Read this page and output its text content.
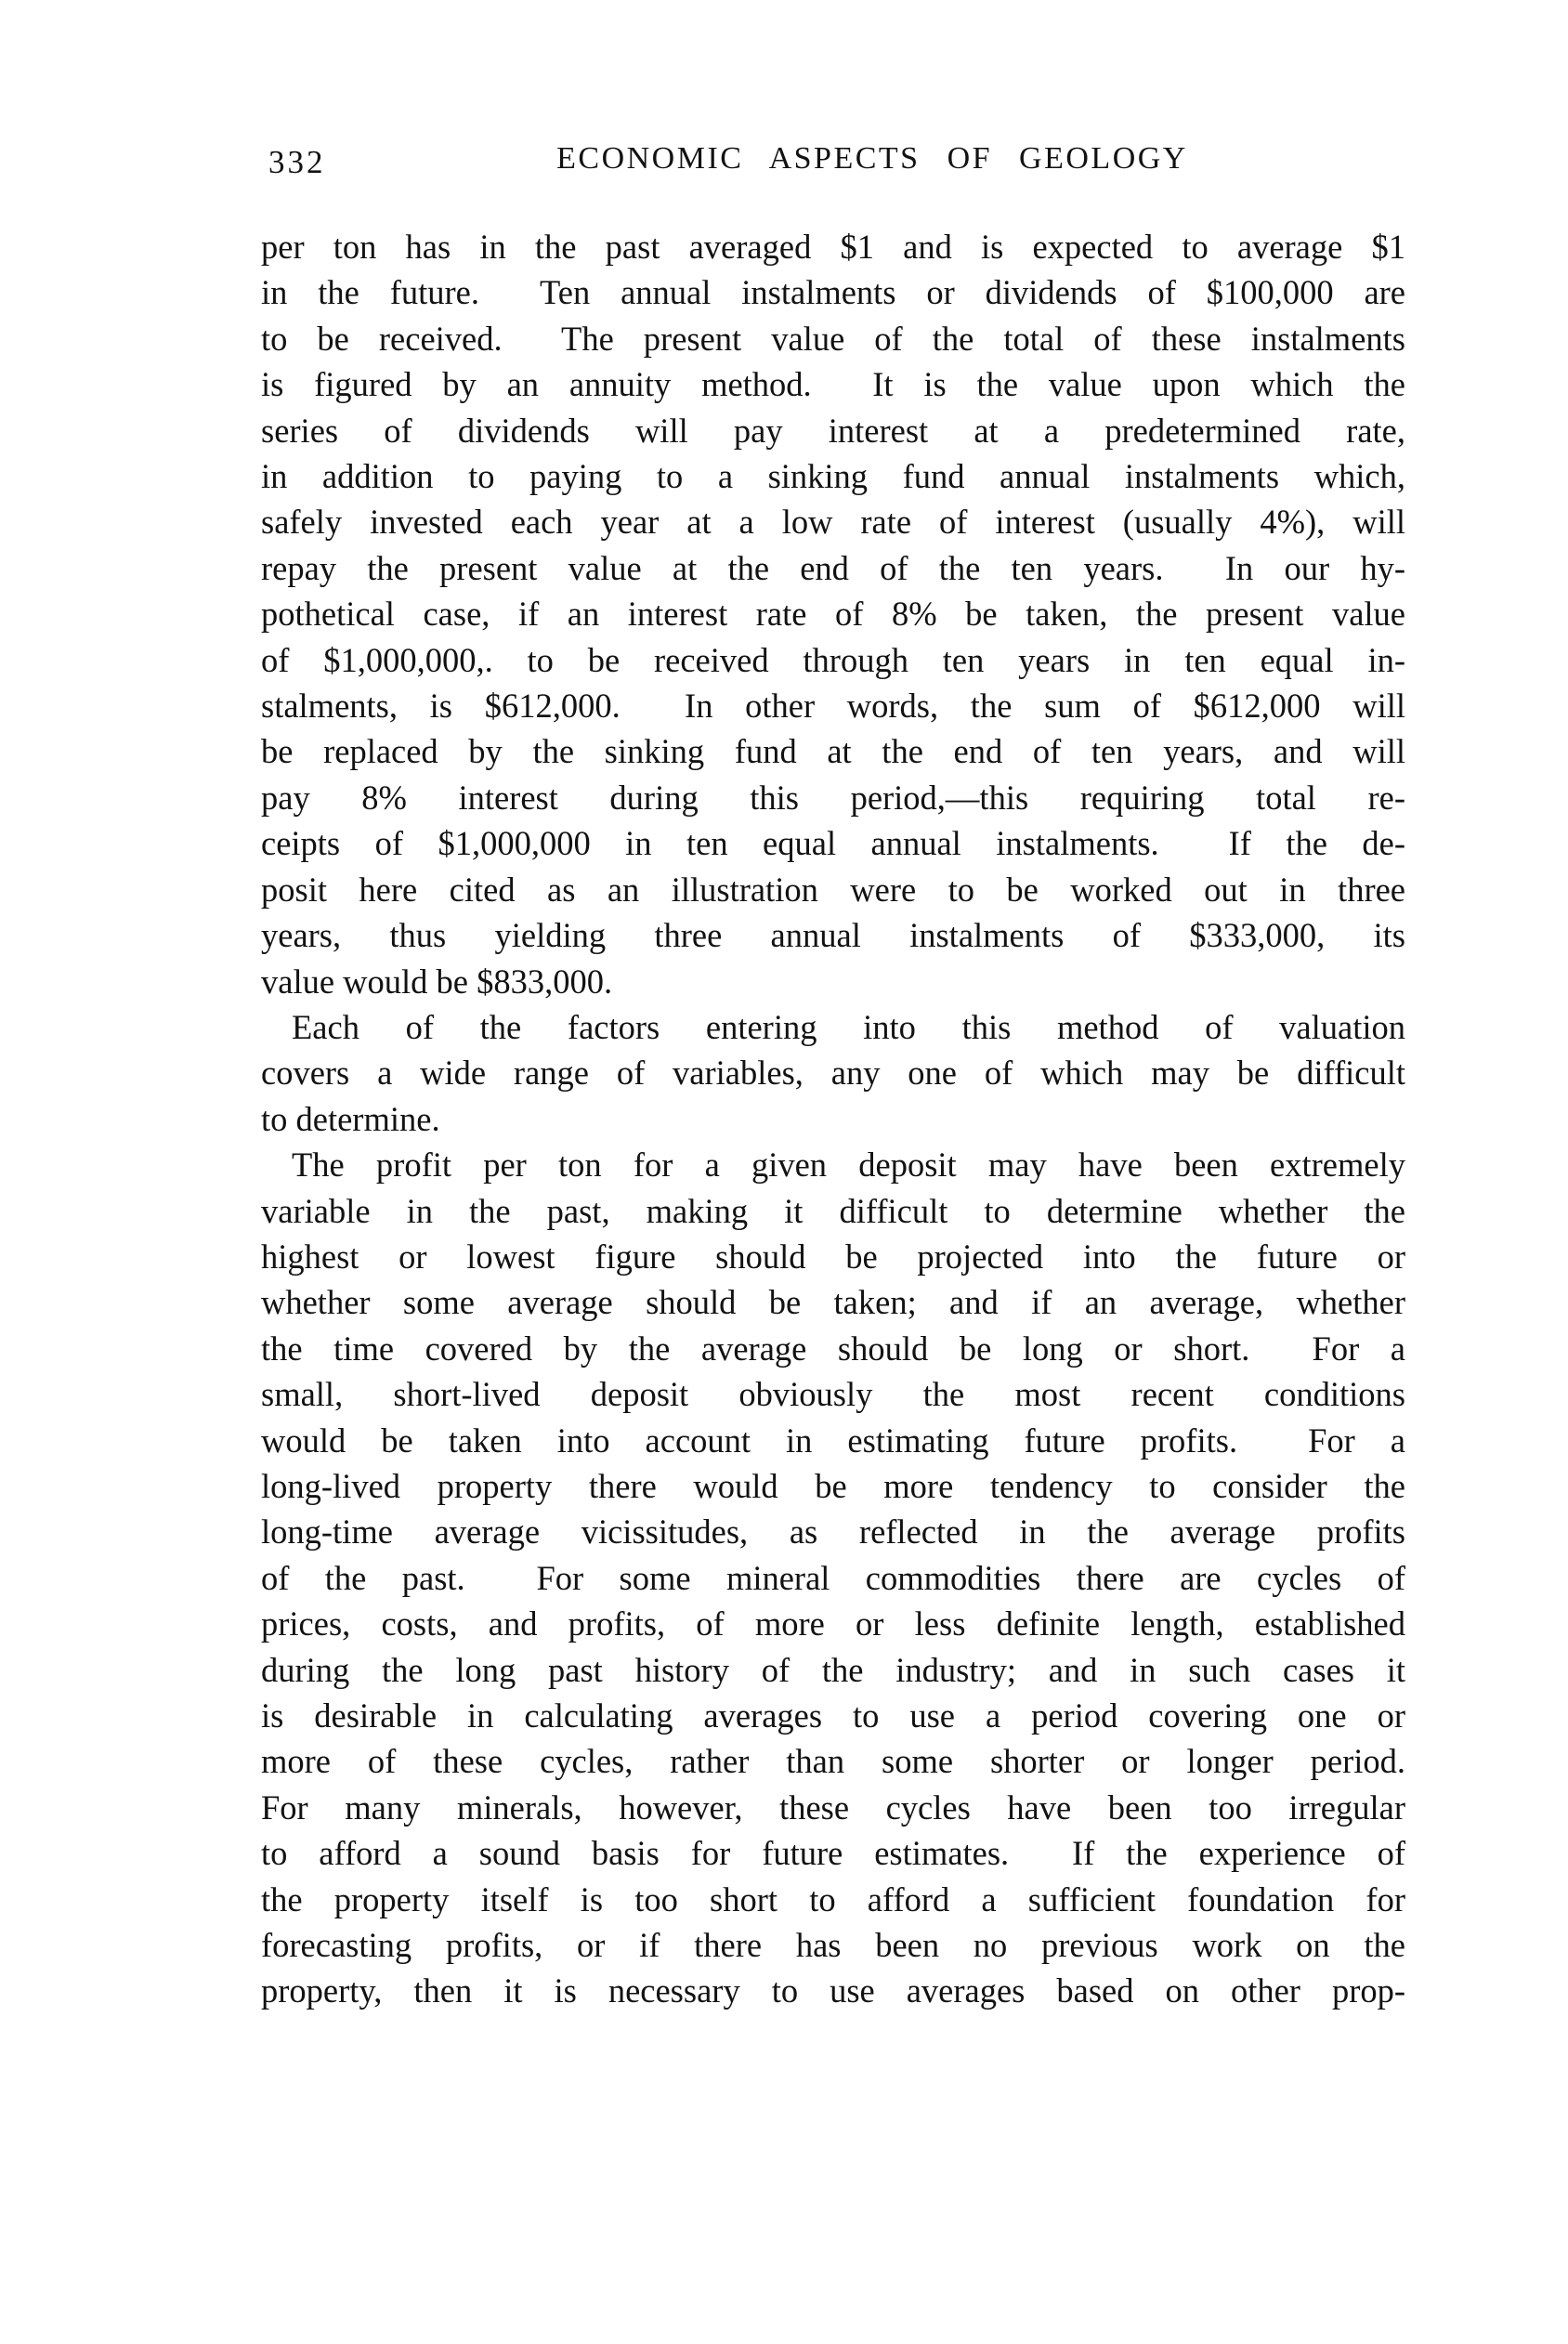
332	ECONOMIC ASPECTS OF GEOLOGY
per ton has in the past averaged $1 and is expected to average $1
in the future.  Ten annual instalments or dividends of $100,000 are
to be received.  The present value of the total of these instalments
is figured by an annuity method.  It is the value upon which the
series of dividends will pay interest at a predetermined rate,
in addition to paying to a sinking fund annual instalments which,
safely invested each year at a low rate of interest (usually 4%), will
repay the present value at the end of the ten years.  In our hy-
pothetical case, if an interest rate of 8% be taken, the present value
of $1,000,000,. to be received through ten years in ten equal in-
stalments, is $612,000.  In other words, the sum of $612,000 will
be replaced by the sinking fund at the end of ten years, and will
pay 8% interest during this period,—this requiring total re-
ceipts of $1,000,000 in ten equal annual instalments.  If the de-
posit here cited as an illustration were to be worked out in three
years, thus yielding three annual instalments of $333,000, its
value would be $833,000.
Each of the factors entering into this method of valuation
covers a wide range of variables, any one of which may be difficult
to determine.
The profit per ton for a given deposit may have been extremely
variable in the past, making it difficult to determine whether the
highest or lowest figure should be projected into the future or
whether some average should be taken; and if an average, whether
the time covered by the average should be long or short.  For a
small, short-lived deposit obviously the most recent conditions
would be taken into account in estimating future profits.  For a
long-lived property there would be more tendency to consider the
long-time average vicissitudes, as reflected in the average profits
of the past.  For some mineral commodities there are cycles of
prices, costs, and profits, of more or less definite length, established
during the long past history of the industry; and in such cases it
is desirable in calculating averages to use a period covering one or
more of these cycles, rather than some shorter or longer period.
For many minerals, however, these cycles have been too irregular
to afford a sound basis for future estimates.  If the experience of
the property itself is too short to afford a sufficient foundation for
forecasting profits, or if there has been no previous work on the
property, then it is necessary to use averages based on other prop-
